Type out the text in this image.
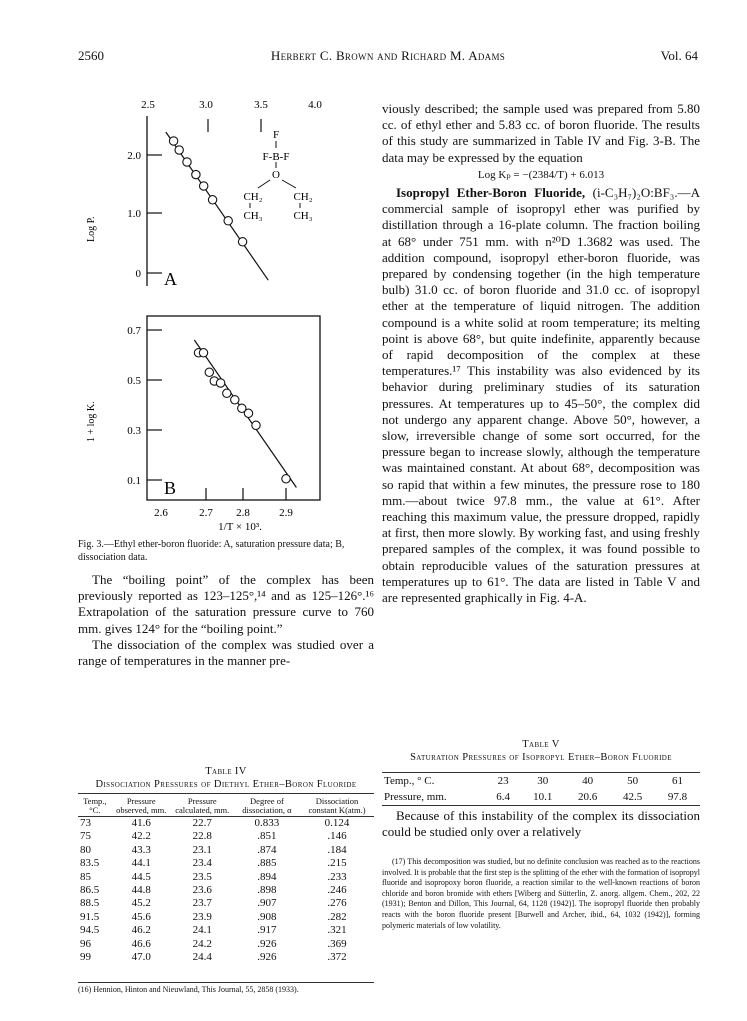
2560	Herbert C. Brown and Richard M. Adams	Vol. 64
2.5	3.0	3.5	4.0
2.0
1.0
0
Log P.
A
F
F-B-F
O
CH₂	CH₂
CH₃	CH₃
0.7
0.5
0.3
0.1
1 + log K.
B
2.6	2.7 2.8	2.9
1/T × 10³.
Fig. 3.—Ethyl ether-boron fluoride: A, saturation pressure data; B, dissociation data.

The “boiling point” of the complex has been previously reported as 123–125°,¹⁴ and as 125–126°.¹⁶ Extrapolation of the saturation pressure curve to 760 mm. gives 124° for the “boiling point.”

The dissociation of the complex was studied over a range of temperatures in the manner pre-

Table IV
Dissociation Pressures of Diethyl Ether–Boron Fluoride
Temp., °C.	Pressure observed, mm.	Pressure calculated, mm.	Degree of dissociation, α	Dissociation constant K(atm.)
73	41.6	22.7	0.833	0.124
75	42.2	22.8	.851	.146
80	43.3	23.1	.874	.184
83.5	44.1	23.4	.885	.215
85	44.5	23.5	.894	.233
86.5	44.8	23.6	.898	.246
88.5	45.2	23.7	.907	.276
91.5	45.6	23.9	.908	.282
94.5	46.2	24.1	.917	.321
96	46.6	24.2	.926	.369
99	47.0	24.4	.926	.372
(16) Hennion, Hinton and Nieuwland, This Journal, 55, 2858 (1933).

viously described; the sample used was prepared from 5.80 cc. of ethyl ether and 5.83 cc. of boron fluoride. The results of this study are summarized in Table IV and Fig. 3-B. The data may be expressed by the equation

Log Kₚ = −(2384/T) + 6.013

Isopropyl Ether-Boron Fluoride, (i-C₃H₇)₂O:BF₃.—A commercial sample of isopropyl ether was purified by distillation through a 16-plate column. The fraction boiling at 68° under 751 mm. with n²⁰D 1.3682 was used. The addition compound, isopropyl ether-boron fluoride, was prepared by condensing together (in the high temperature bulb) 31.0 cc. of boron fluoride and 31.0 cc. of isopropyl ether at the temperature of liquid nitrogen. The addition compound is a white solid at room temperature; its melting point is above 68°, but quite indefinite, apparently because of rapid decomposition of the complex at these temperatures.¹⁷ This instability was also evidenced by its behavior during preliminary studies of its saturation pressures. At temperatures up to 45–50°, the complex did not undergo any apparent change. Above 50°, however, a slow, irreversible change of some sort occurred, for the pressure began to increase slowly, although the temperature was maintained constant. At about 68°, decomposition was so rapid that within a few minutes, the pressure rose to 180 mm.—about twice 97.8 mm., the value at 61°. After reaching this maximum value, the pressure dropped, rapidly at first, then more slowly. By working fast, and using freshly prepared samples of the complex, it was found possible to obtain reproducible values of the saturation pressures at temperatures up to 61°. The data are listed in Table V and are represented graphically in Fig. 4-A.

Table V
Saturation Pressures of Isopropyl Ether–Boron Fluoride
Temp., ° C.	23	30	40	50	61
Pressure, mm.	6.4	10.1	20.6	42.5	97.8

Because of this instability of the complex its dissociation could be studied only over a relatively

(17) This decomposition was studied, but no definite conclusion was reached as to the reactions involved. It is probable that the first step is the splitting of the ether with the formation of isopropyl fluoride and isopropoxy boron fluoride, a reaction similar to the well-known reactions of boron chloride and boron bromide with ethers [Wiberg and Sütterlin, Z. anorg. allgem. Chem., 202, 22 (1931); Benton and Dillon, This Journal, 64, 1128 (1942)]. The isopropyl fluoride then probably reacts with the boron fluoride present [Burwell and Archer, ibid., 64, 1032 (1942)], forming polymeric materials of low volatility.
